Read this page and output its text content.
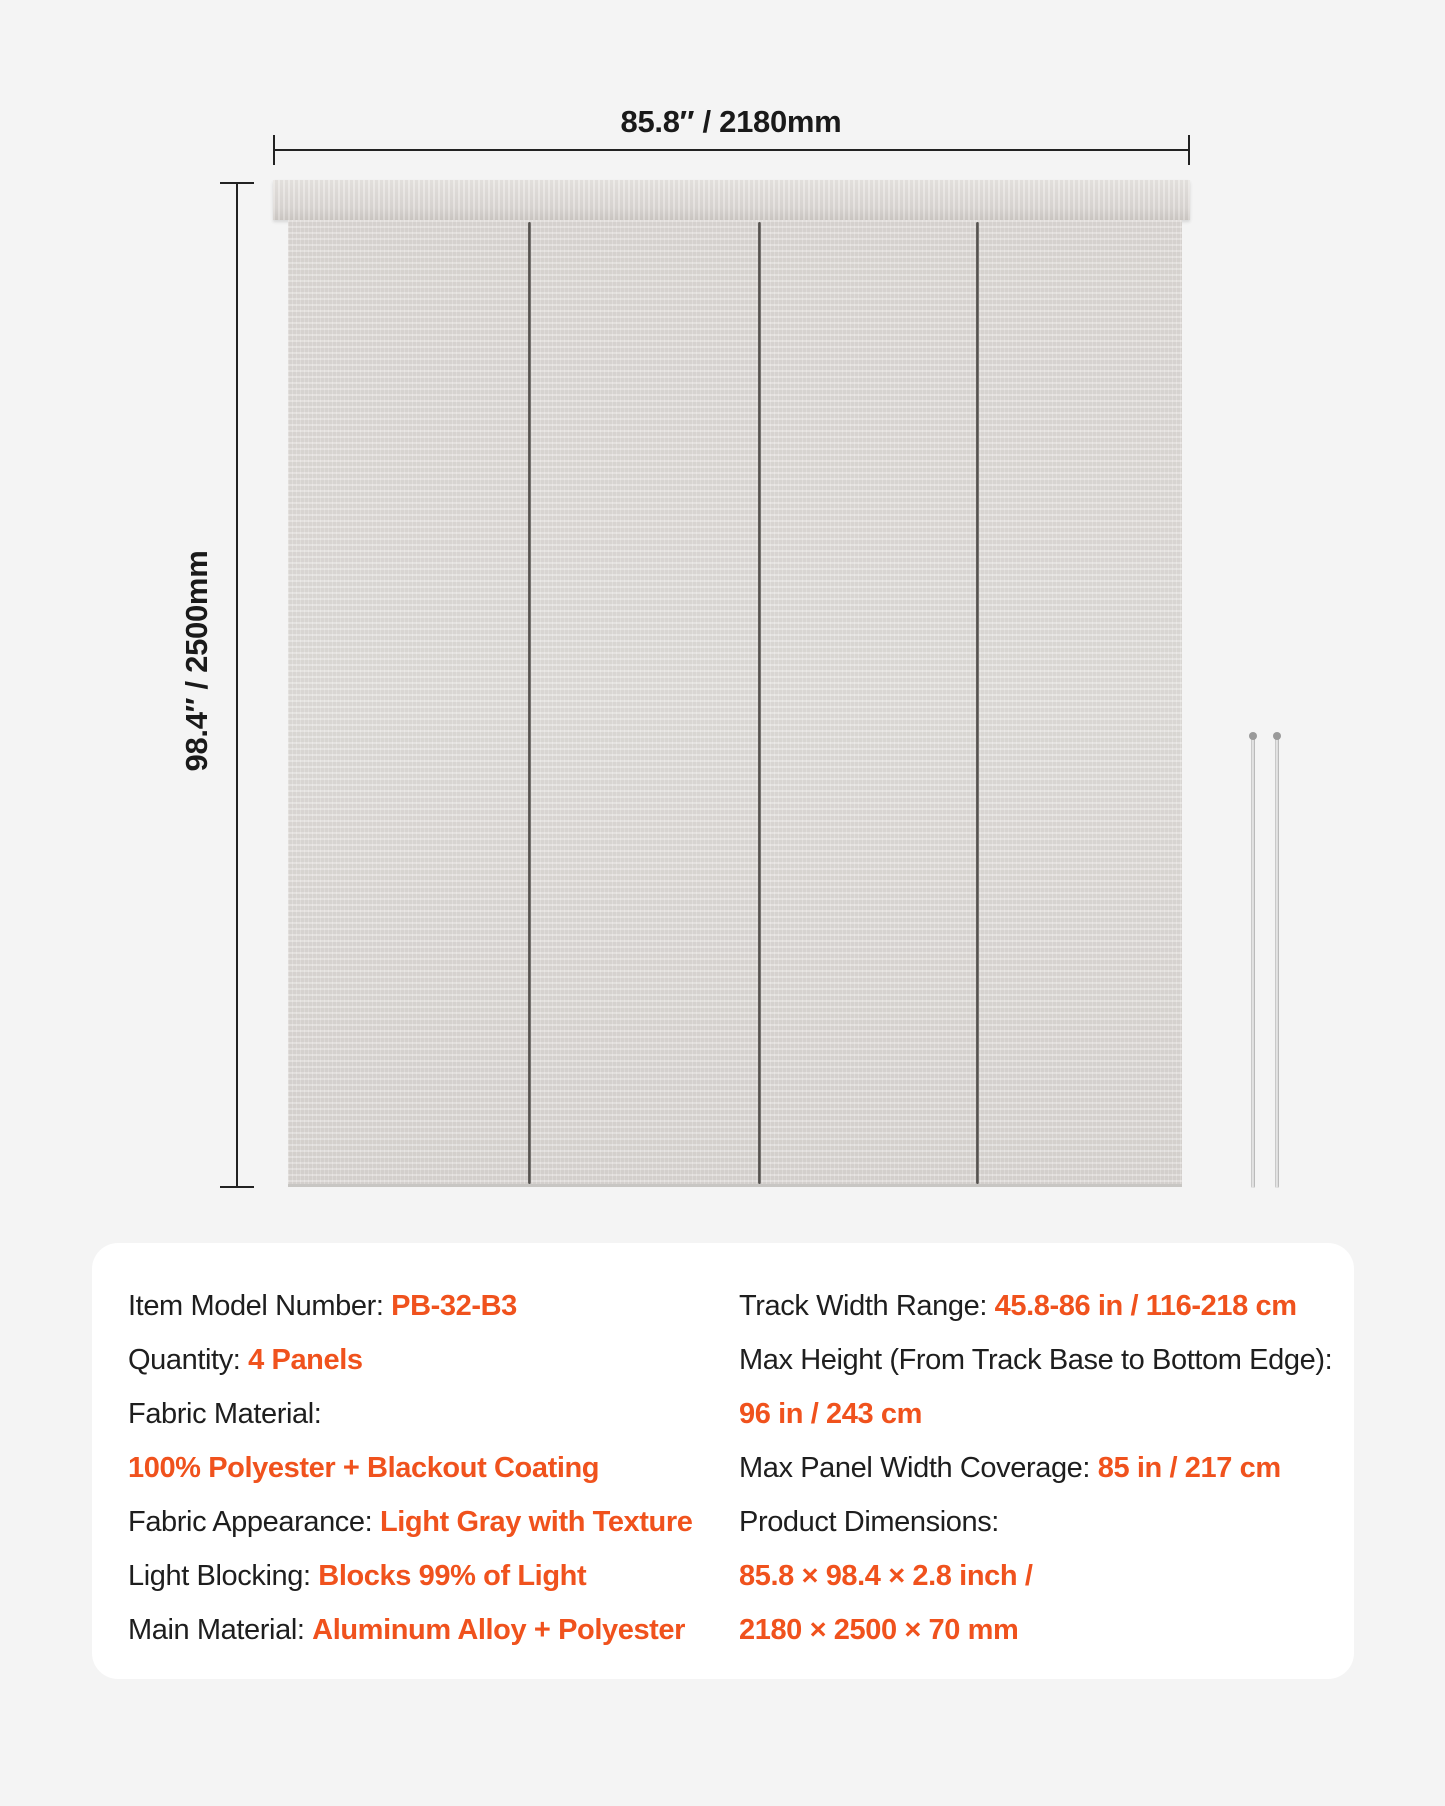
85.8″ / 2180mm
98.4″ / 2500mm
Item Model Number: PB-32-B3
Quantity: 4 Panels
Fabric Material:
100% Polyester + Blackout Coating
Fabric Appearance: Light Gray with Texture
Light Blocking: Blocks 99% of Light
Main Material: Aluminum Alloy + Polyester
Track Width Range: 45.8-86 in / 116-218 cm
Max Height (From Track Base to Bottom Edge):
96 in / 243 cm
Max Panel Width Coverage: 85 in / 217 cm
Product Dimensions:
85.8 × 98.4 × 2.8 inch /
2180 × 2500 × 70 mm
